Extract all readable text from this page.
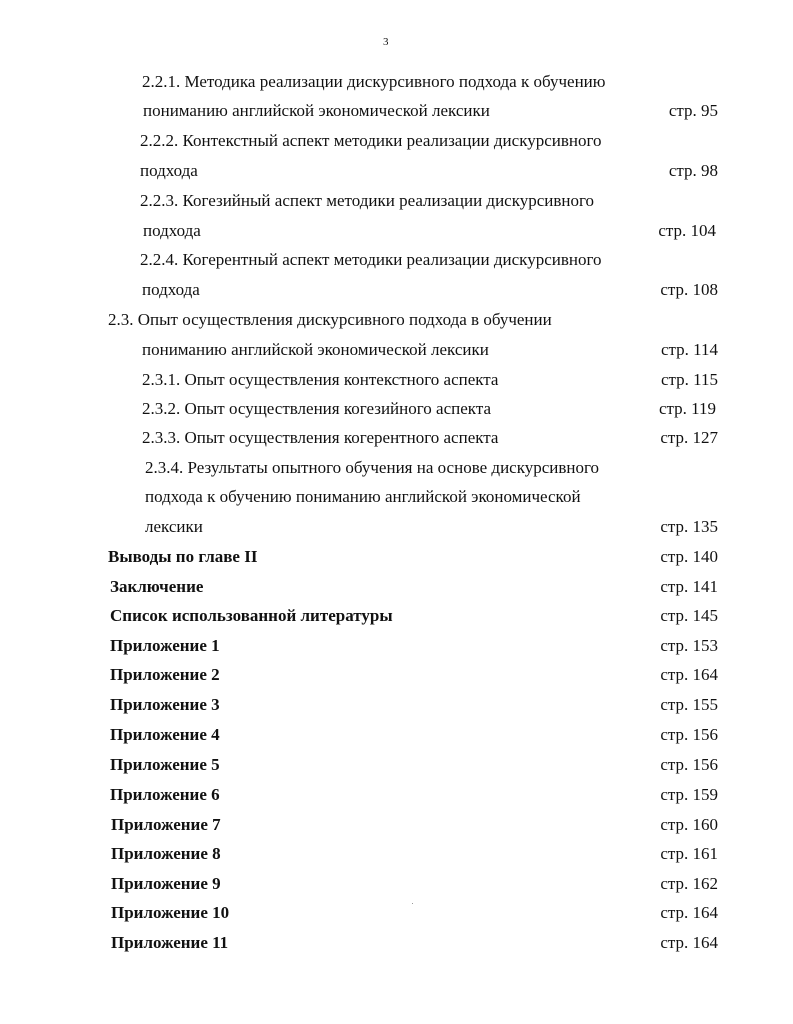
3
2.2.1. Методика реализации дискурсивного подхода к обучению
пониманию английской экономической лексики	стр. 95
2.2.2. Контекстный аспект методики реализации дискурсивного
подхода	стр. 98
2.2.3. Когезийный аспект методики реализации дискурсивного
подхода	стр. 104
2.2.4. Когерентный аспект методики реализации дискурсивного
подхода	стр. 108
2.3. Опыт осуществления дискурсивного подхода в обучении
пониманию английской экономической лексики	стр. 114
2.3.1. Опыт осуществления контекстного аспекта	стр. 115
2.3.2. Опыт осуществления когезийного аспекта	стр. 119
2.3.3. Опыт осуществления когерентного аспекта	стр. 127
2.3.4. Результаты опытного обучения на основе дискурсивного
подхода к обучению пониманию английской экономической
лексики	стр. 135
Выводы по главе II	стр. 140
Заключение	стр. 141
Список использованной литературы	стр. 145
Приложение 1	стр. 153
Приложение 2	стр. 164
Приложение 3	стр. 155
Приложение 4	стр. 156
Приложение 5	стр. 156
Приложение 6	стр. 159
Приложение 7	стр. 160
Приложение 8	стр. 161
Приложение 9	стр. 162
Приложение 10	стр. 164
Приложение 11	стр. 164
